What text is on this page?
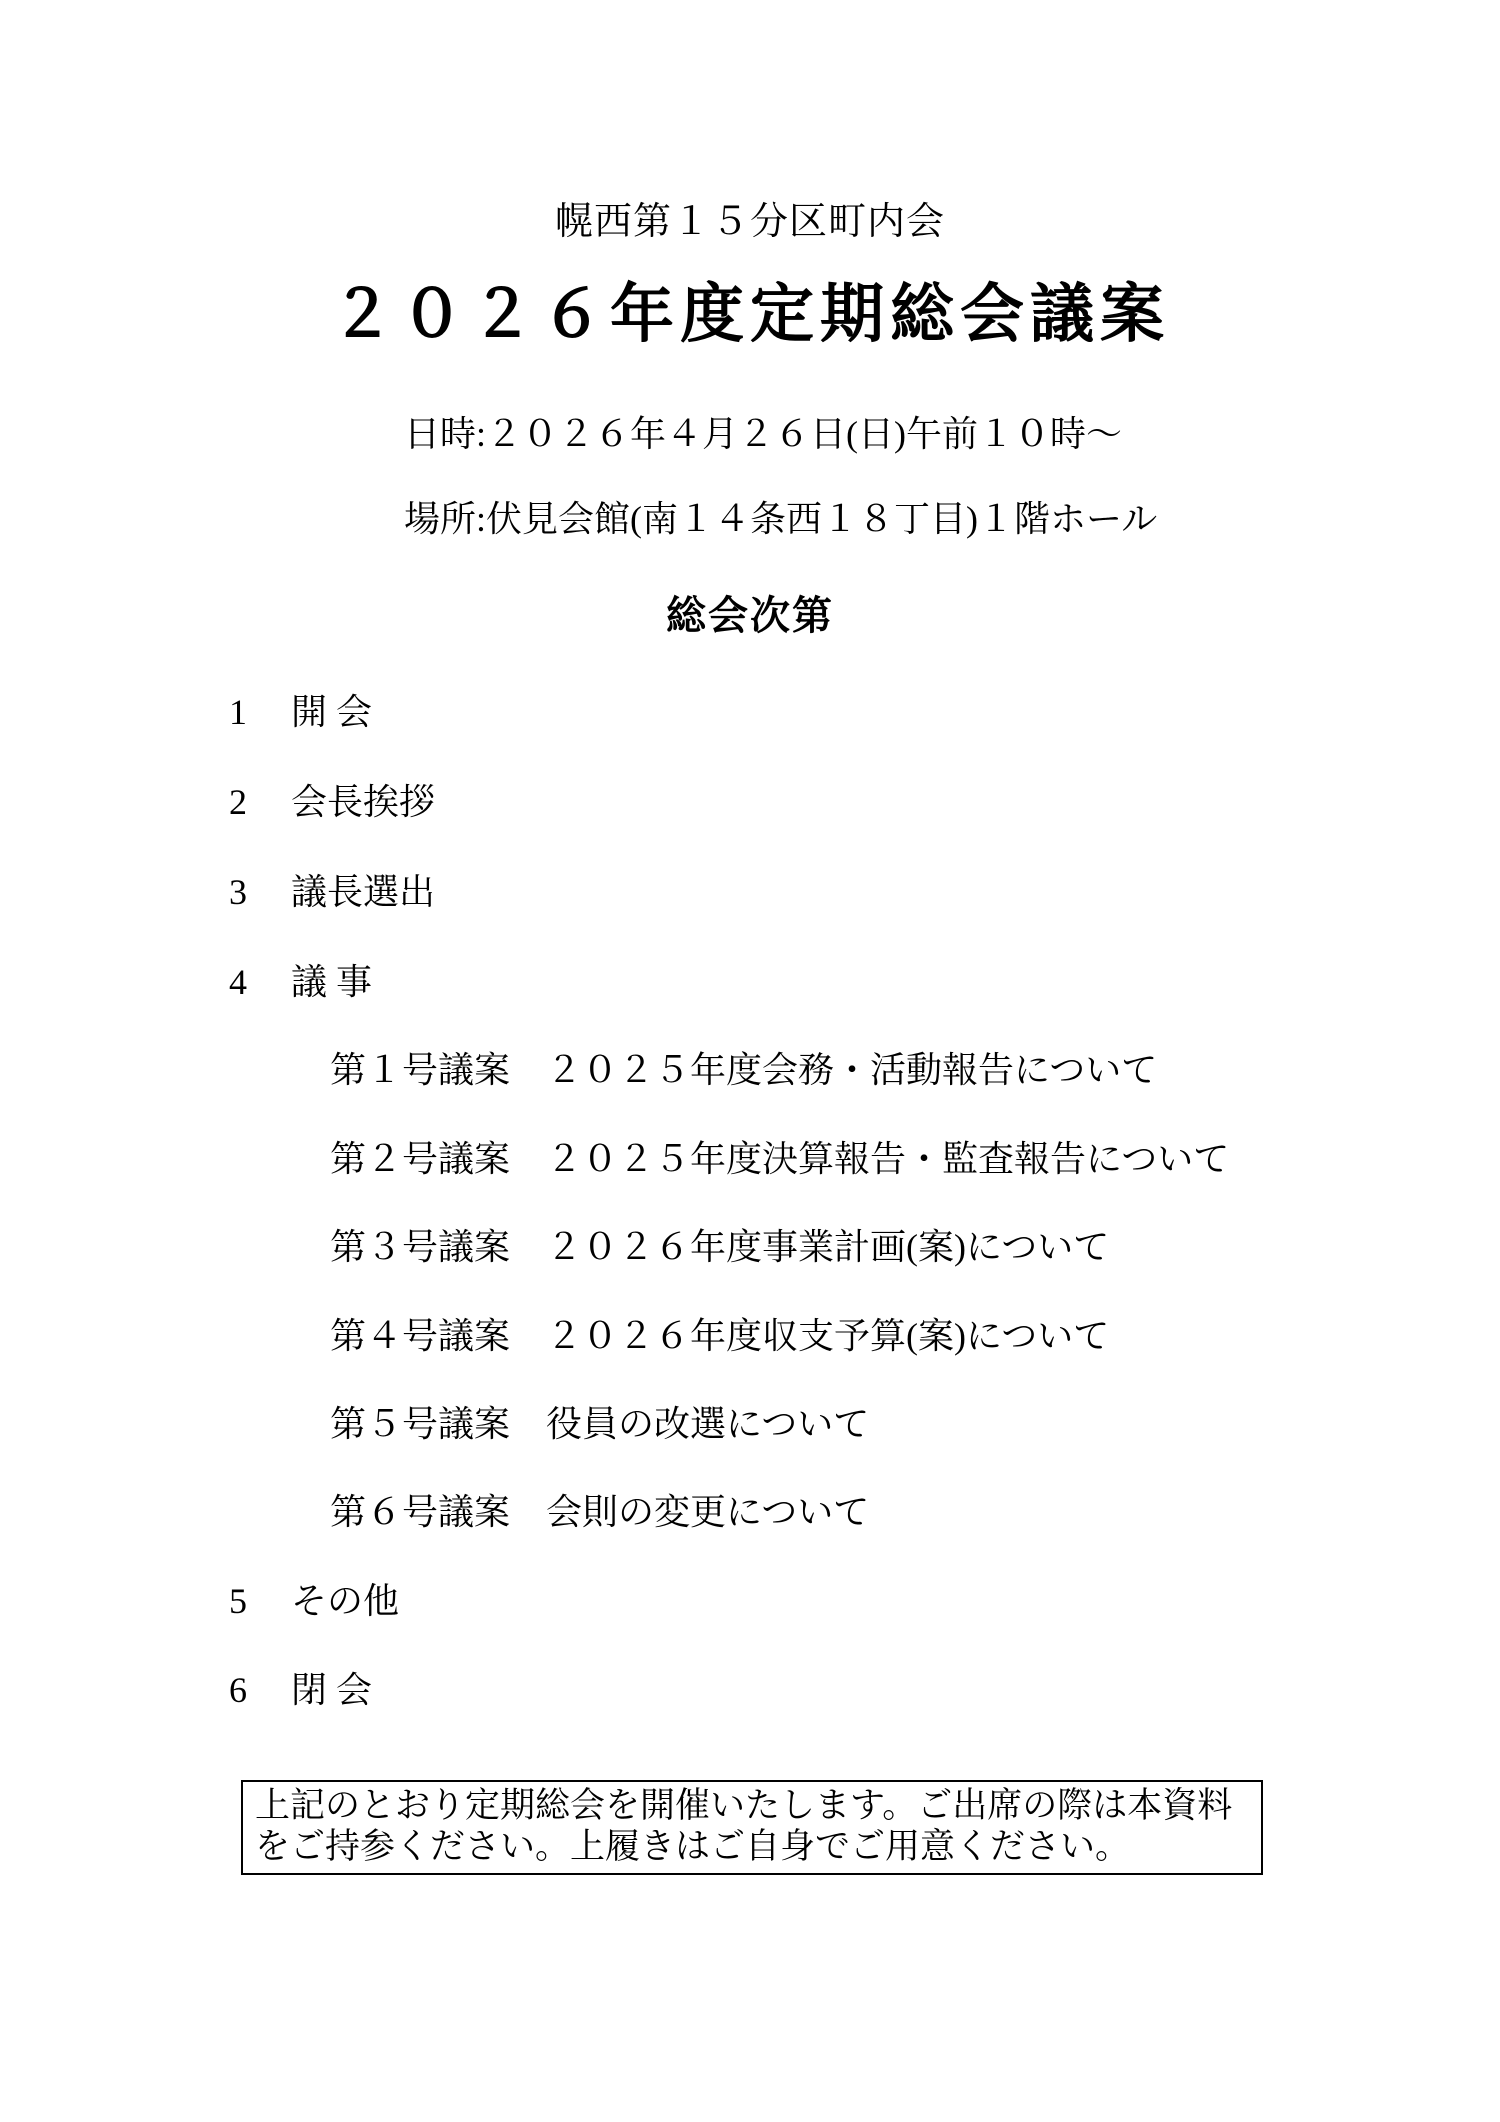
幌西第１５分区町内会
２０２６年度定期総会議案
日時:２０２６年４月２６日(日)午前１０時〜
場所:伏見会館(南１４条西１８丁目)１階ホール
総会次第
1 開 会
2 会長挨拶
3 議長選出
4 議 事
第１号議案 ２０２５年度会務・活動報告について
第２号議案 ２０２５年度決算報告・監査報告について
第３号議案 ２０２６年度事業計画(案)について
第４号議案 ２０２６年度収支予算(案)について
第５号議案 役員の改選について
第６号議案 会則の変更について
5 その他
6 閉 会
上記のとおり定期総会を開催いたします。ご出席の際は本資料
をご持参ください。上履きはご自身でご用意ください。
